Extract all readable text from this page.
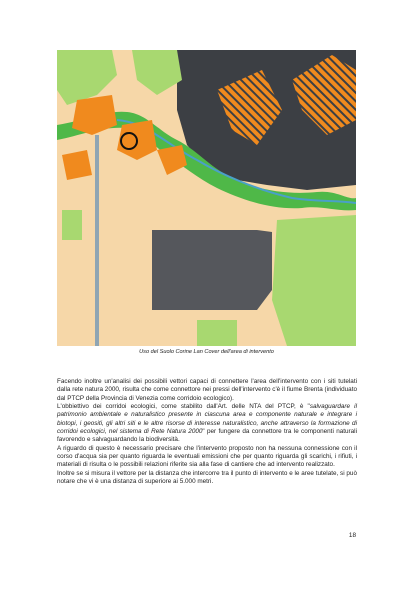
Uso del Suolo Corine Lan Cover dell'area di intervento

Facendo inoltre un'analisi dei possibili vettori capaci di connettere l'area dell'intervento con i siti tutelati dalla rete natura 2000, risulta che come connettore nei pressi dell'intervento c'è il fiume Brenta (individuato dal PTCP della Provincia di Venezia come corridoio ecologico).

L'obbiettivo dei corridoi ecologici, come stabilito dall'Art. delle NTA del PTCP, è "salvaguardare il patrimonio ambientale e naturalistico presente in ciascuna area e componente naturale e integrare i biotopi, i geositi, gli altri siti e le altre risorse di interesse naturalistico, anche attraverso la formazione di corridoi ecologici, nel sistema di Rete Natura 2000" per fungere da connettore tra le componenti naturali favorendo e salvaguardando la biodiversità.

A riguardo di questo è necessario precisare che l'intervento proposto non ha nessuna connessione con il corso d'acqua sia per quanto riguarda le eventuali emissioni che per quanto riguarda gli scarichi, i rifiuti, i materiali di risulta o le possibili relazioni riferite sia alla fase di cantiere che ad intervento realizzato.

Inoltre se si misura il vettore per la distanza che intercorre tra il punto di intervento e le aree tutelate, si può notare che vi è una distanza di superiore ai 5.000 metri.

18
